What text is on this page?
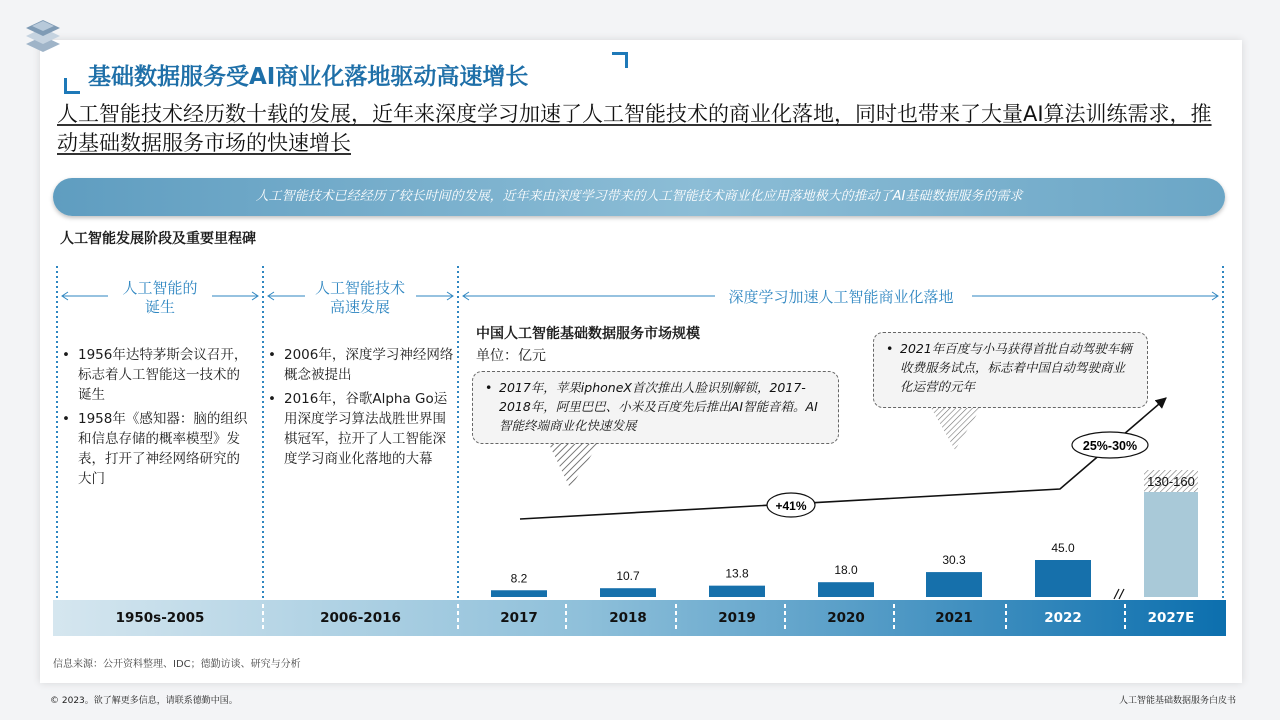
基础数据服务受AI商业化落地驱动高速增长
人工智能技术经历数十载的发展，近年来深度学习加速了人工智能技术的商业化落地，同时也带来了大量AI算法训练需求，推动基础数据服务市场的快速增长
人工智能技术已经经历了较长时间的发展，近年来由深度学习带来的人工智能技术商业化应用落地极大的推动了AI基础数据服务的需求
人工智能发展阶段及重要里程碑
人工智能的
诞生
人工智能技术
高速发展
深度学习加速人工智能商业化落地
• 1956年达特茅斯会议召开，标志着人工智能这一技术的诞生
• 1958年《感知器：脑的组织和信息存储的概率模型》发表，打开了神经网络研究的大门
• 2006年，深度学习神经网络概念被提出
• 2016年，谷歌Alpha Go运用深度学习算法战胜世界围棋冠军，拉开了人工智能深度学习商业化落地的大幕
中国人工智能基础数据服务市场规模
单位：亿元
8.2	10.7	13.8	18.0
30.3
45.0
130-160
+41%
25%-30%
• 2017年，苹果iphoneX首次推出人脸识别解锁，2017-2018年，阿里巴巴、小米及百度先后推出AI智能音箱。AI智能终端商业化快速发展
• 2021年百度与小马获得首批自动驾驶车辆收费服务试点，标志着中国自动驾驶商业化运营的元年
1950s-2005	2006-2016	2017	2018	2019	2020	2021	2022	2027E
信息来源：公开资料整理、IDC；德勤访谈、研究与分析
© 2023。欲了解更多信息，请联系德勤中国。	人工智能基础数据服务白皮书
